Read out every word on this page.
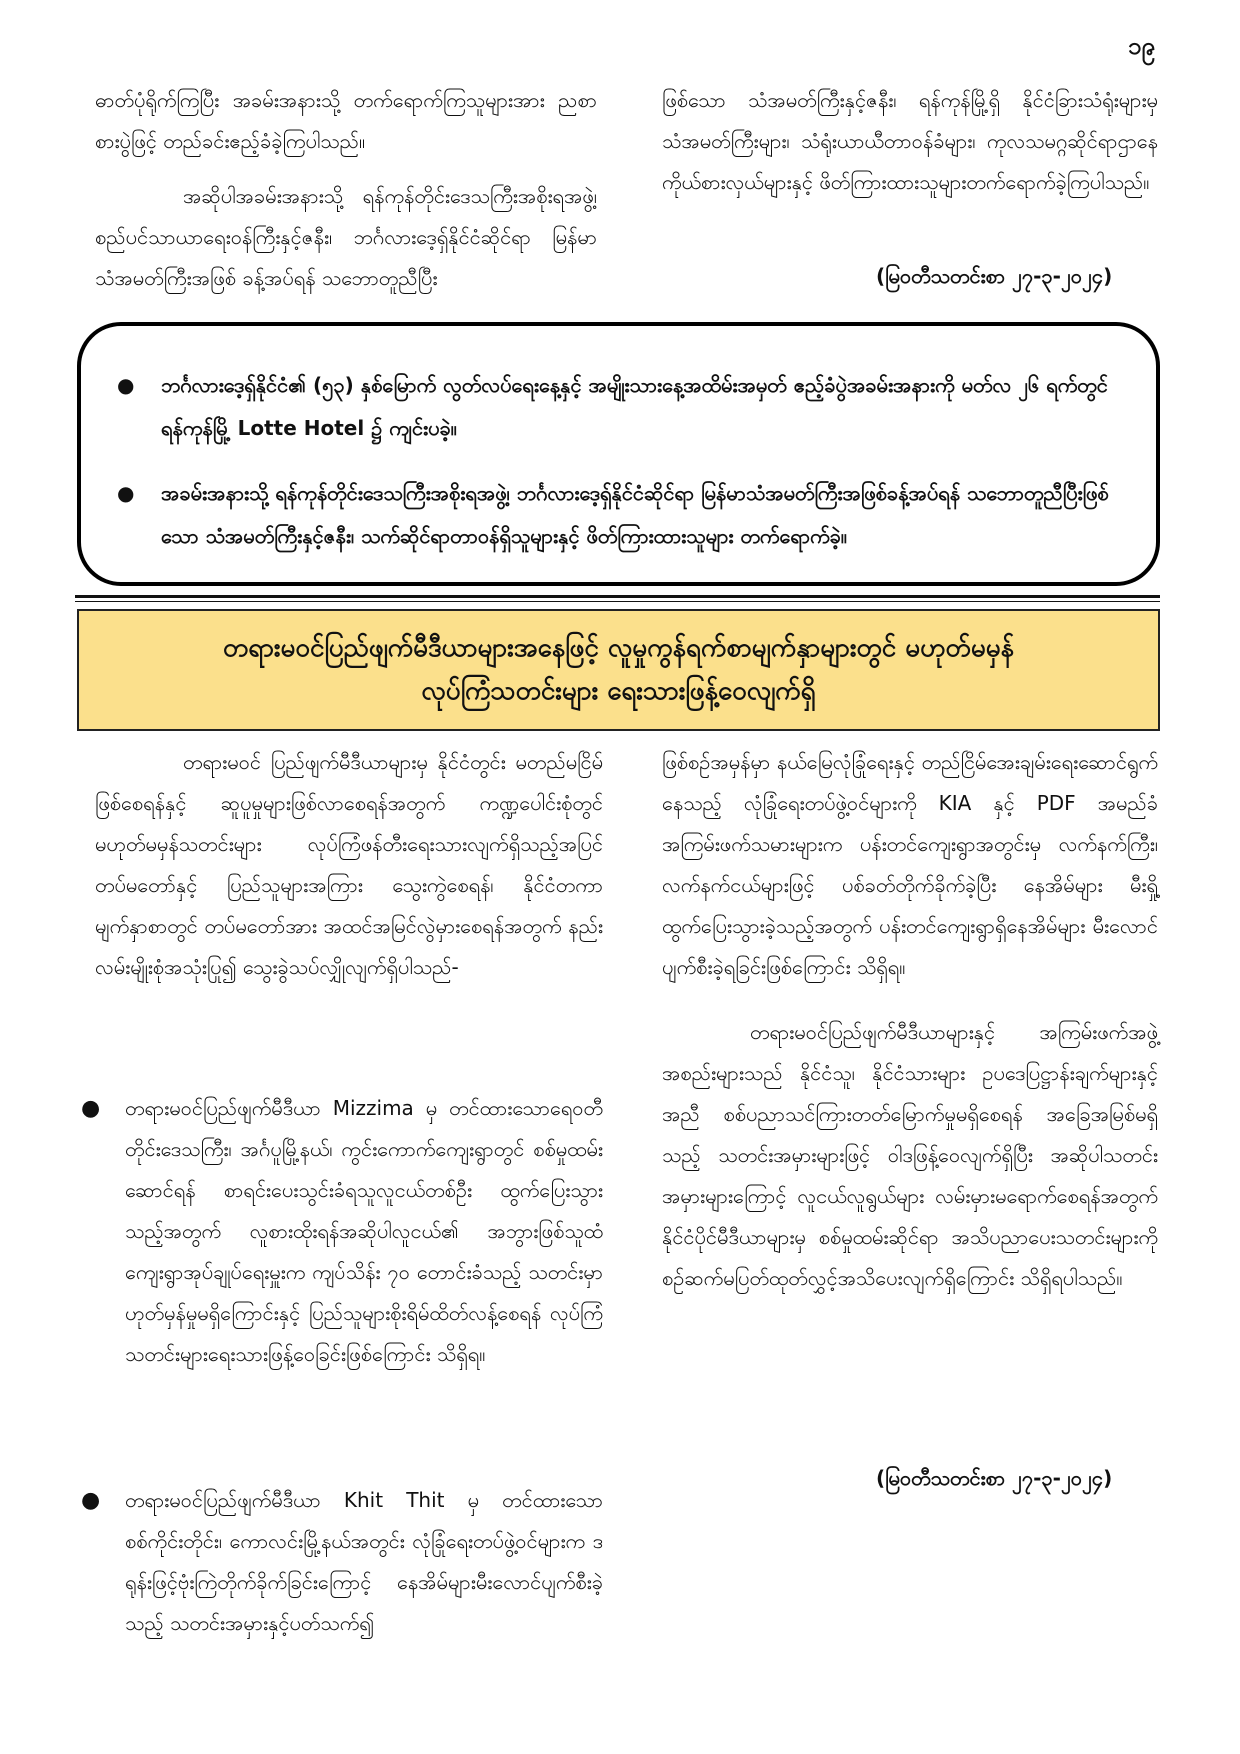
၁၉

ဓာတ်ပုံရိုက်ကြပြီး အခမ်းအနားသို့ တက်ရောက်ကြသူများအား ညစာစားပွဲဖြင့် တည်ခင်းဧည့်ခံခဲ့ကြပါသည်။

အဆိုပါအခမ်းအနားသို့ ရန်ကုန်တိုင်းဒေသကြီးအစိုးရအဖွဲ့၊ စည်ပင်သာယာရေးဝန်ကြီးနှင့်ဇနီး၊ ဘင်္ဂလားဒေ့ရှ်နိုင်ငံဆိုင်ရာ မြန်မာသံအမတ်ကြီးအဖြစ် ခန့်အပ်ရန် သဘောတူညီပြီး

ဖြစ်သော သံအမတ်ကြီးနှင့်ဇနီး၊ ရန်ကုန်မြို့ရှိ နိုင်ငံခြားသံရုံးများမှ သံအမတ်ကြီးများ၊ သံရုံးယာယီတာဝန်ခံများ၊ ကုလသမဂ္ဂဆိုင်ရာဌာနေ ကိုယ်စားလှယ်များနှင့် ဖိတ်ကြားထားသူများတက်ရောက်ခဲ့ကြပါသည်။

(မြဝတီသတင်းစာ ၂၇-၃-၂၀၂၄)
● ဘင်္ဂလားဒေ့ရှ်နိုင်ငံ၏ (၅၃) နှစ်မြောက် လွတ်လပ်ရေးနေ့နှင့် အမျိုးသားနေ့အထိမ်းအမှတ် ဧည့်ခံပွဲအခမ်းအနားကို မတ်လ ၂၆ ရက်တွင် ရန်ကုန်မြို့ Lotte Hotel ၌ ကျင်းပခဲ့။
● အခမ်းအနားသို့ ရန်ကုန်တိုင်းဒေသကြီးအစိုးရအဖွဲ့၊ ဘင်္ဂလားဒေ့ရှ်နိုင်ငံဆိုင်ရာ မြန်မာသံအမတ်ကြီးအဖြစ်ခန့်အပ်ရန် သဘောတူညီပြီးဖြစ်သော သံအမတ်ကြီးနှင့်ဇနီး၊ သက်ဆိုင်ရာတာဝန်ရှိသူများနှင့် ဖိတ်ကြားထားသူများ တက်ရောက်ခဲ့။
တရားမဝင်ပြည်ဖျက်မီဒီယာများအနေဖြင့် လူမှုကွန်ရက်စာမျက်နှာများတွင် မဟုတ်မမှန်
လုပ်ကြံသတင်းများ ရေးသားဖြန့်ဝေလျက်ရှိ

တရားမဝင် ပြည်ဖျက်မီဒီယာများမှ နိုင်ငံတွင်း မတည်မငြိမ်ဖြစ်စေရန်နှင့် ဆူပူမှုများဖြစ်လာစေရန်အတွက် ကဏ္ဍပေါင်းစုံတွင် မဟုတ်မမှန်သတင်းများ လုပ်ကြံဖန်တီးရေးသားလျက်ရှိသည့်အပြင် တပ်မတော်နှင့် ပြည်သူများအကြား သွေးကွဲစေရန်၊ နိုင်ငံတကာမျက်နှာစာတွင် တပ်မတော်အား အထင်အမြင်လွဲမှားစေရန်အတွက် နည်းလမ်းမျိုးစုံအသုံးပြု၍ သွေးခွဲသပ်လျှိုလျက်ရှိပါသည်-

● တရားမဝင်ပြည်ဖျက်မီဒီယာ Mizzima မှ တင်ထားသောရေဝတီတိုင်းဒေသကြီး၊ အင်္ဂပူမြို့နယ်၊ ကွင်းကောက်ကျေးရွာတွင် စစ်မှုထမ်းဆောင်ရန် စာရင်းပေးသွင်းခံရသူလူငယ်တစ်ဦး ထွက်ပြေးသွားသည့်အတွက် လူစားထိုးရန်အဆိုပါလူငယ်၏ အဘွားဖြစ်သူထံ ကျေးရွာအုပ်ချုပ်ရေးမှူးက ကျပ်သိန်း ၇၀ တောင်းခံသည့် သတင်းမှာ ဟုတ်မှန်မှုမရှိကြောင်းနှင့် ပြည်သူများစိုးရိမ်ထိတ်လန့်စေရန် လုပ်ကြံသတင်းများရေးသားဖြန့်ဝေခြင်းဖြစ်ကြောင်း သိရှိရ။
● တရားမဝင်ပြည်ဖျက်မီဒီယာ Khit Thit မှ တင်ထားသောစစ်ကိုင်းတိုင်း၊ ကောလင်းမြို့နယ်အတွင်း လုံခြုံရေးတပ်ဖွဲ့ဝင်များက ဒရုန်းဖြင့်ဗုံးကြဲတိုက်ခိုက်ခြင်းကြောင့် နေအိမ်များမီးလောင်ပျက်စီးခဲ့သည့် သတင်းအမှားနှင့်ပတ်သက်၍

ဖြစ်စဉ်အမှန်မှာ နယ်မြေလုံခြုံရေးနှင့် တည်ငြိမ်အေးချမ်းရေးဆောင်ရွက်နေသည့် လုံခြုံရေးတပ်ဖွဲ့ဝင်များကို KIA နှင့် PDF အမည်ခံအကြမ်းဖက်သမားများက ပန်းတင်ကျေးရွာအတွင်းမှ လက်နက်ကြီး၊ လက်နက်ငယ်များဖြင့် ပစ်ခတ်တိုက်ခိုက်ခဲ့ပြီး နေအိမ်များ မီးရှို့ထွက်ပြေးသွားခဲ့သည့်အတွက် ပန်းတင်ကျေးရွာရှိနေအိမ်များ မီးလောင်ပျက်စီးခဲ့ရခြင်းဖြစ်ကြောင်း သိရှိရ။

တရားမဝင်ပြည်ဖျက်မီဒီယာများနှင့် အကြမ်းဖက်အဖွဲ့အစည်းများသည် နိုင်ငံသူ၊ နိုင်ငံသားများ ဥပဒေပြဋ္ဌာန်းချက်များနှင့်အညီ စစ်ပညာသင်ကြားတတ်မြောက်မှုမရှိစေရန် အခြေအမြစ်မရှိသည့် သတင်းအမှားများဖြင့် ဝါဒဖြန့်ဝေလျက်ရှိပြီး အဆိုပါသတင်းအမှားများကြောင့် လူငယ်လူရွယ်များ လမ်းမှားမရောက်စေရန်အတွက် နိုင်ငံပိုင်မီဒီယာများမှ စစ်မှုထမ်းဆိုင်ရာ အသိပညာပေးသတင်းများကို စဉ်ဆက်မပြတ်ထုတ်လွှင့်အသိပေးလျက်ရှိကြောင်း သိရှိရပါသည်။

(မြဝတီသတင်းစာ ၂၇-၃-၂၀၂၄)
